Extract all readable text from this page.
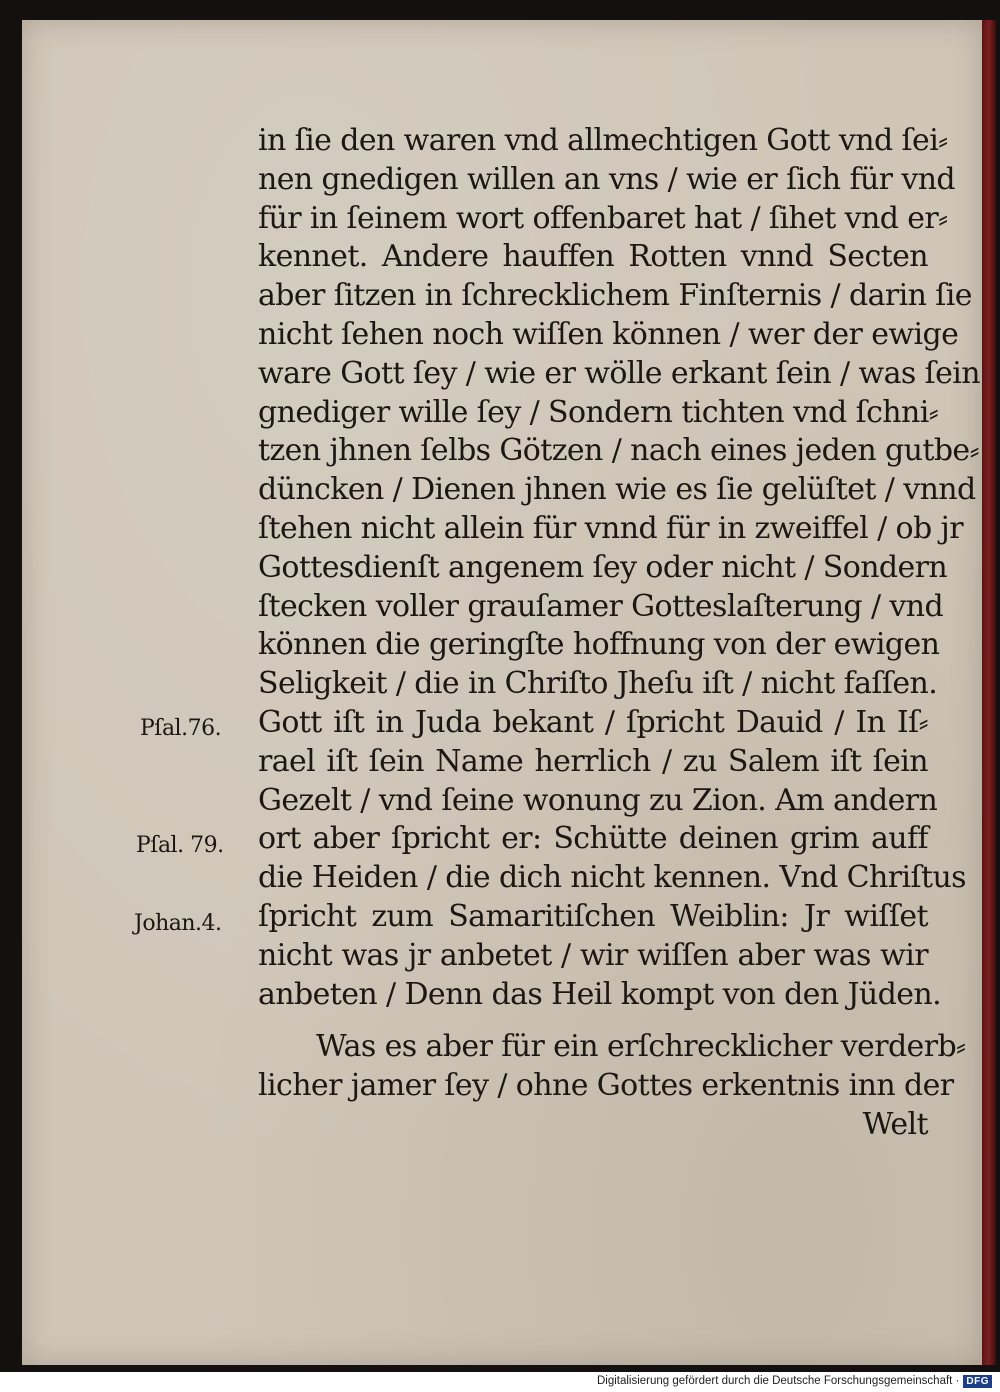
in ſie den waren vnd allmechtigen Gott vnd ſei⸗
nen gnedigen willen an vns / wie er ſich für vnd
für in ſeinem wort offenbaret hat / ſihet vnd er⸗
kennet. Andere hauffen Rotten vnnd Secten
aber ſitzen in ſchrecklichem Finſternis / darin ſie
nicht ſehen noch wiſſen können / wer der ewige
ware Gott ſey / wie er wölle erkant ſein / was ſein
gnediger wille ſey / Sondern tichten vnd ſchni⸗
tzen jhnen ſelbs Götzen / nach eines jeden gutbe⸗
düncken / Dienen jhnen wie es ſie gelüſtet / vnnd
ſtehen nicht allein für vnnd für in zweiffel / ob jr
Gottesdienſt angenem ſey oder nicht / Sondern
ſtecken voller grauſamer Gotteslaſterung / vnd
können die geringſte hoffnung von der ewigen
Seligkeit / die in Chriſto Jheſu iſt / nicht faſſen.
Gott iſt in Juda bekant / ſpricht Dauid / In Iſ⸗
rael iſt ſein Name herrlich / zu Salem iſt ſein
Gezelt / vnd ſeine wonung zu Zion. Am andern
ort aber ſpricht er: Schütte deinen grim auff
die Heiden / die dich nicht kennen. Vnd Chriſtus
ſpricht zum Samaritiſchen Weiblin: Jr wiſſet
nicht was jr anbetet / wir wiſſen aber was wir
anbeten / Denn das Heil kompt von den Jüden.
Was es aber für ein erſchrecklicher verderb⸗
licher jamer ſey / ohne Gottes erkentnis inn der
Welt
Pſal.76.
Pſal. 79.
Johan.4.
Digitalisierung gefördert durch die Deutsche Forschungsgemeinschaft · DFG
